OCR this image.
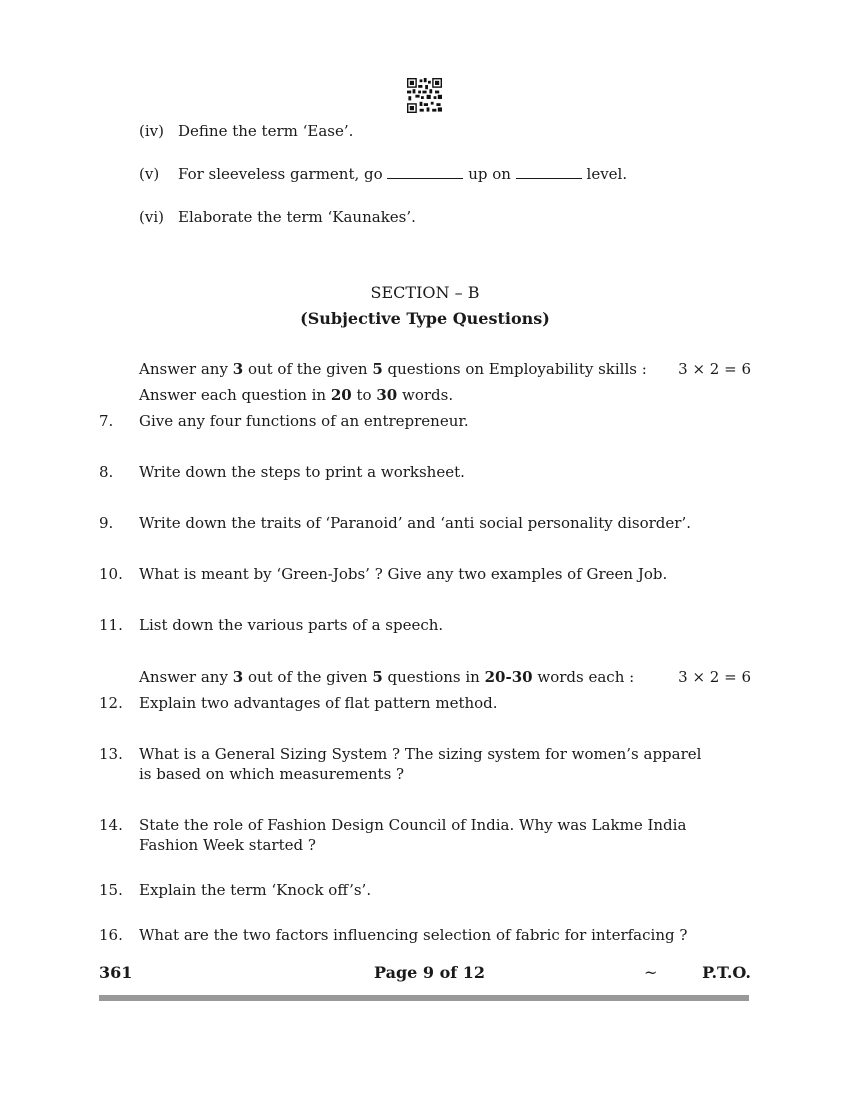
(iv) Define the term ‘Ease’.
(v) For sleeveless garment, go	up on	level.
(vi) Elaborate the term ‘Kaunakes’.
SECTION – B
(Subjective Type Questions)
Answer any 3 out of the given 5 questions on Employability skills : 3 × 2 = 6
Answer each question in 20 to 30 words.
7. Give any four functions of an entrepreneur.
8. Write down the steps to print a worksheet.
9. Write down the traits of ‘Paranoid’ and ‘anti social personality disorder’.
10. What is meant by ‘Green-Jobs’ ? Give any two examples of Green Job.
11. List down the various parts of a speech.
Answer any 3 out of the given 5 questions in 20-30 words each :	3 × 2 = 6
12. Explain two advantages of flat pattern method.
13. What is a General Sizing System ? The sizing system for women’s apparel
is based on which measurements ?
14. State the role of Fashion Design Council of India. Why was Lakme India
Fashion Week started ?
15. Explain the term ‘Knock off’s’.
16. What are the two factors influencing selection of fabric for interfacing ?
361	Page 9 of 12	~	P.T.O.
